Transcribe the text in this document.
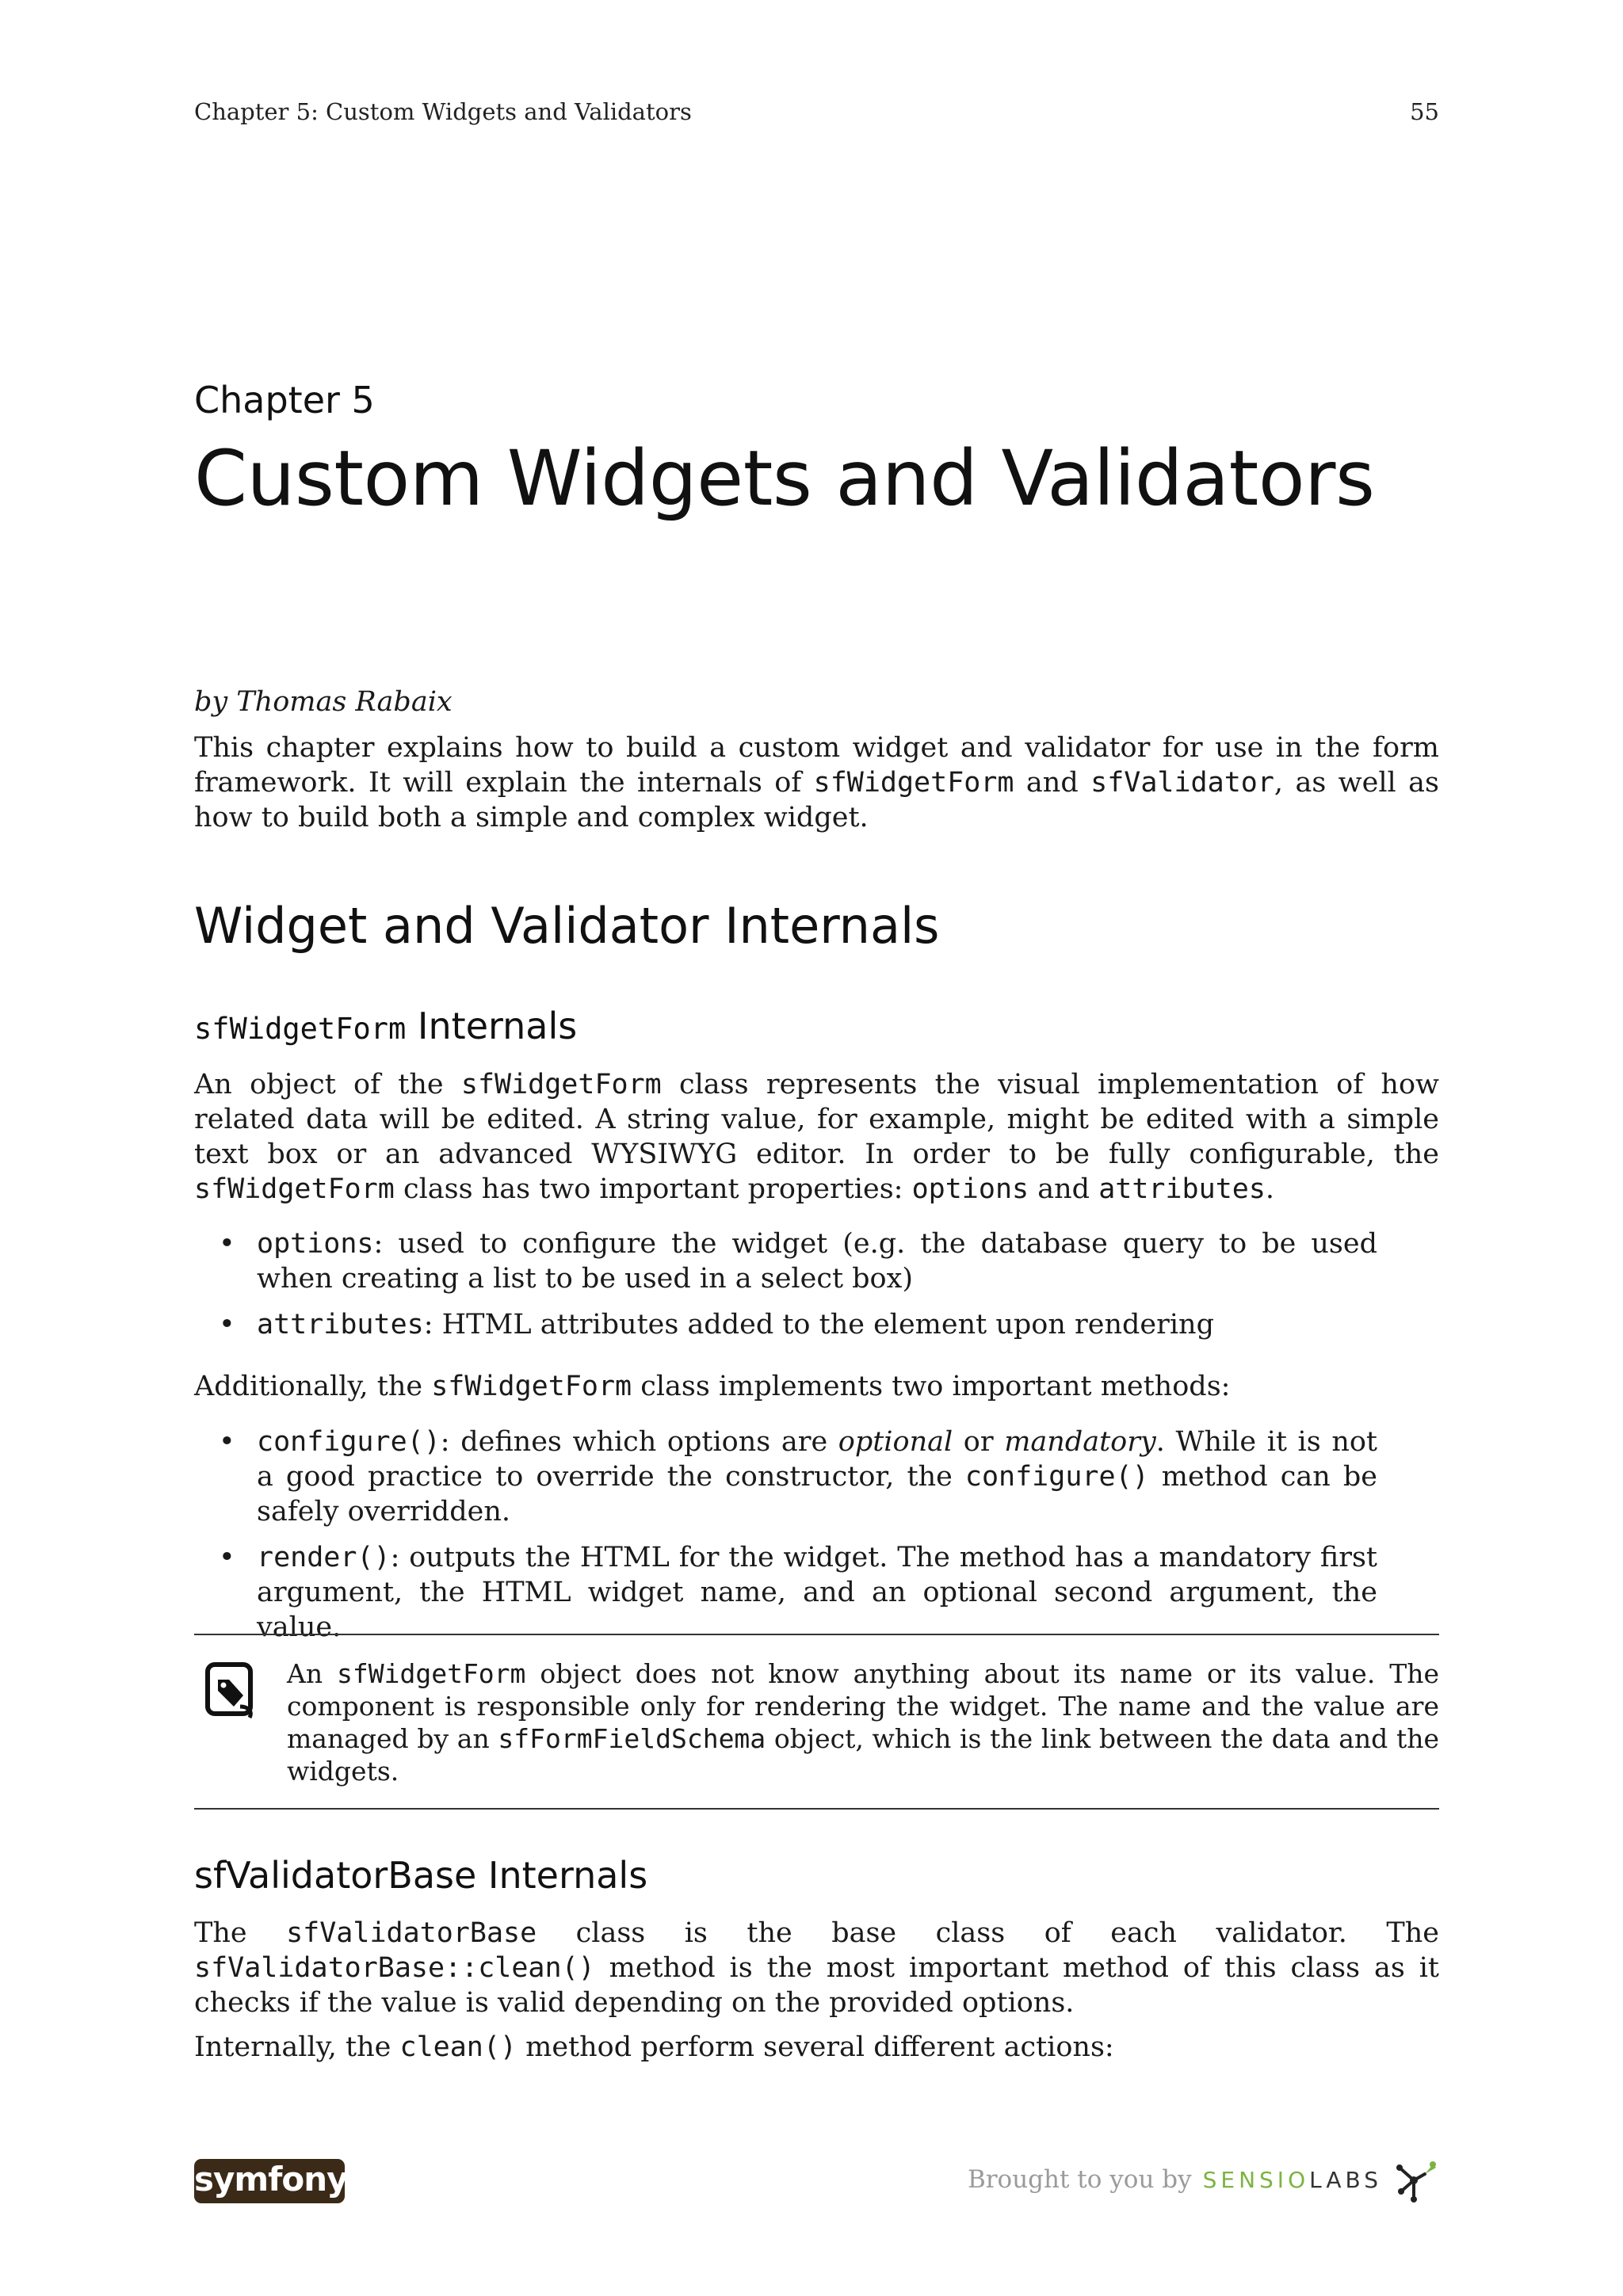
Chapter 5: Custom Widgets and Validators	55
Chapter 5
Custom Widgets and Validators

by Thomas Rabaix

This chapter explains how to build a custom widget and validator for use in the form framework. It will explain the internals of sfWidgetForm and sfValidator, as well as how to build both a simple and complex widget.

Widget and Validator Internals
sfWidgetForm Internals

An object of the sfWidgetForm class represents the visual implementation of how related data will be edited. A string value, for example, might be edited with a simple text box or an advanced WYSIWYG editor. In order to be fully configurable, the sfWidgetForm class has two important properties: options and attributes.

• options: used to configure the widget (e.g. the database query to be used when creating a list to be used in a select box)
• attributes: HTML attributes added to the element upon rendering

Additionally, the sfWidgetForm class implements two important methods:

• configure(): defines which options are optional or mandatory. While it is not a good practice to override the constructor, the configure() method can be safely overridden.
• render(): outputs the HTML for the widget. The method has a mandatory first argument, the HTML widget name, and an optional second argument, the value.

An sfWidgetForm object does not know anything about its name or its value. The component is responsible only for rendering the widget. The name and the value are managed by an sfFormFieldSchema object, which is the link between the data and the widgets.

sfValidatorBase Internals

The sfValidatorBase class is the base class of each validator. The sfValidatorBase::clean() method is the most important method of this class as it checks if the value is valid depending on the provided options.

Internally, the clean() method perform several different actions:

symfony	Brought to you by SENSIO LABS
